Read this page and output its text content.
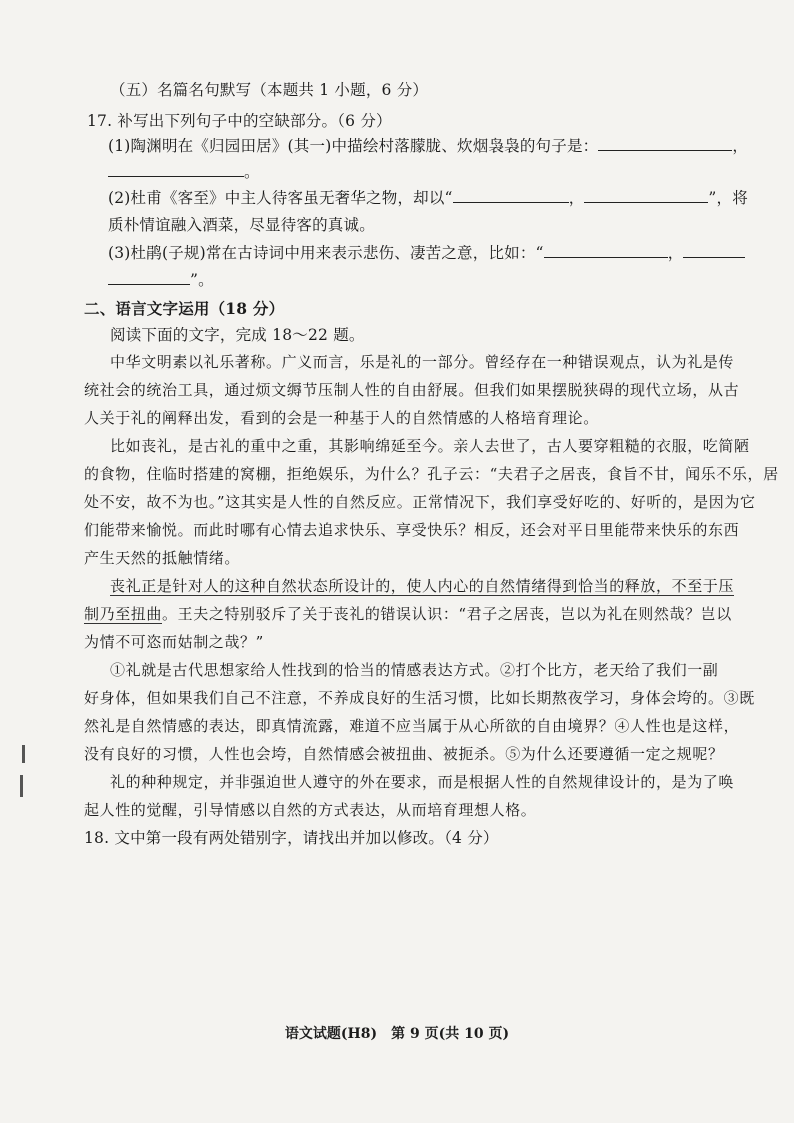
（五）名篇名句默写（本题共 1 小题，6 分）
17. 补写出下列句子中的空缺部分。（6 分）
(1)陶渊明在《归园田居》(其一)中描绘村落朦胧、炊烟袅袅的句子是：	，
。
(2)杜甫《客至》中主人待客虽无奢华之物，却以“	，	”，将
质朴情谊融入酒菜，尽显待客的真诚。
(3)杜鹃(子规)常在古诗词中用来表示悲伤、凄苦之意，比如：“	，
”。
二、语言文字运用（18 分）
阅读下面的文字，完成 18～22 题。
中华文明素以礼乐著称。广义而言，乐是礼的一部分。曾经存在一种错误观点，认为礼是传
统社会的统治工具，通过烦文缛节压制人性的自由舒展。但我们如果摆脱狭碍的现代立场，从古
人关于礼的阐释出发，看到的会是一种基于人的自然情感的人格培育理论。
比如丧礼，是古礼的重中之重，其影响绵延至今。亲人去世了，古人要穿粗糙的衣服，吃简陋
的食物，住临时搭建的窝棚，拒绝娱乐，为什么？孔子云：“夫君子之居丧，食旨不甘，闻乐不乐，居
处不安，故不为也。”这其实是人性的自然反应。正常情况下，我们享受好吃的、好听的，是因为它
们能带来愉悦。而此时哪有心情去追求快乐、享受快乐？相反，还会对平日里能带来快乐的东西
产生天然的抵触情绪。
丧礼正是针对人的这种自然状态所设计的，使人内心的自然情绪得到恰当的释放，不至于压
制乃至扭曲。王夫之特别驳斥了关于丧礼的错误认识：“君子之居丧，岂以为礼在则然哉？岂以
为情不可恣而姑制之哉？”
①礼就是古代思想家给人性找到的恰当的情感表达方式。②打个比方，老天给了我们一副
好身体，但如果我们自己不注意，不养成良好的生活习惯，比如长期熬夜学习，身体会垮的。③既
然礼是自然情感的表达，即真情流露，难道不应当属于从心所欲的自由境界？④人性也是这样，
没有良好的习惯，人性也会垮，自然情感会被扭曲、被扼杀。⑤为什么还要遵循一定之规呢？
礼的种种规定，并非强迫世人遵守的外在要求，而是根据人性的自然规律设计的，是为了唤
起人性的觉醒，引导情感以自然的方式表达，从而培育理想人格。
18. 文中第一段有两处错别字，请找出并加以修改。（4 分）
语文试题(H8)　第 9 页(共 10 页)
